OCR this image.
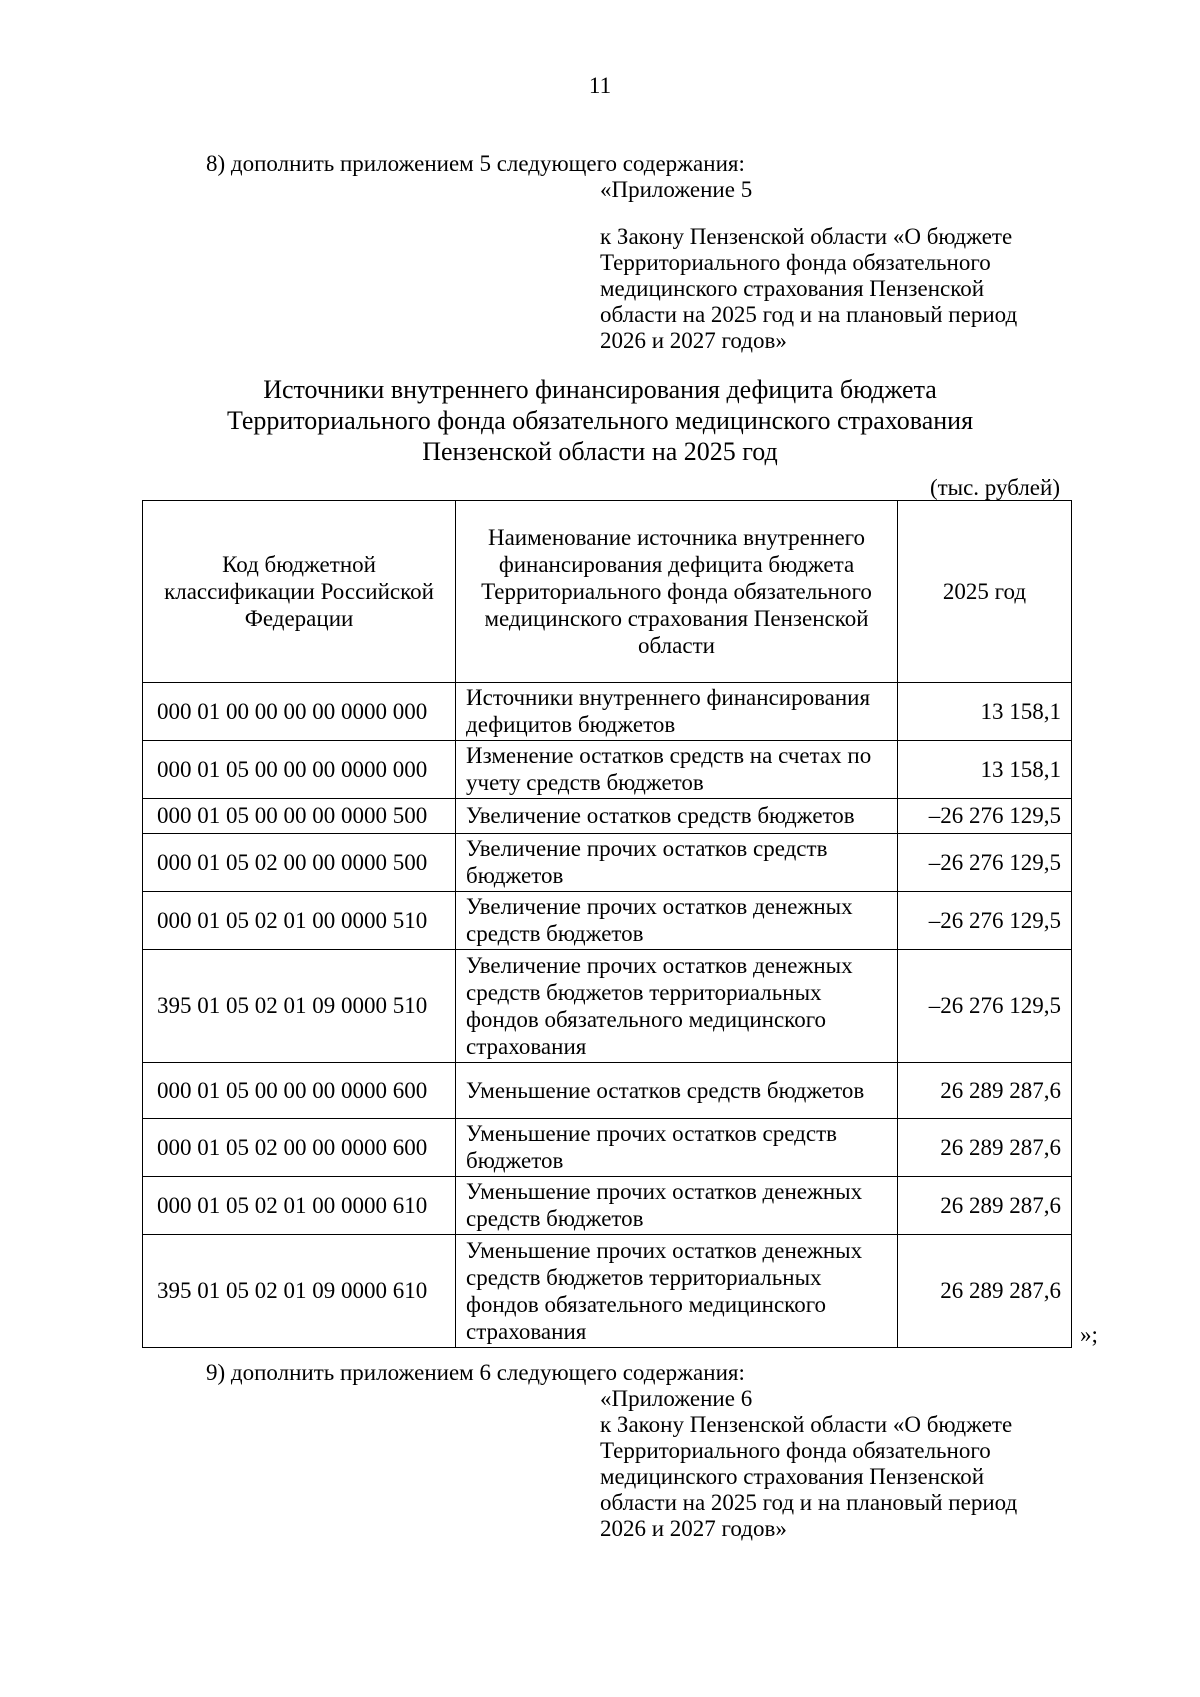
11
8) дополнить приложением 5 следующего содержания:
«Приложение 5
к Закону Пензенской области «О бюджете
Территориального фонда обязательного
медицинского страхования Пензенской
области на 2025 год и на плановый период
2026 и 2027 годов»
Источники внутреннего финансирования дефицита бюджета
Территориального фонда обязательного медицинского страхования
Пензенской области на 2025 год
(тыс. рублей)
Код бюджетной классификации Российской Федерации	Наименование источника внутреннего финансирования дефицита бюджета Территориального фонда обязательного медицинского страхования Пензенской области	2025 год
000 01 00 00 00 00 0000 000	Источники внутреннего финансирования дефицитов бюджетов	13 158,1
000 01 05 00 00 00 0000 000	Изменение остатков средств на счетах по учету средств бюджетов	13 158,1
000 01 05 00 00 00 0000 500	Увеличение остатков средств бюджетов	–26 276 129,5
000 01 05 02 00 00 0000 500	Увеличение прочих остатков средств бюджетов	–26 276 129,5
000 01 05 02 01 00 0000 510	Увеличение прочих остатков денежных средств бюджетов	–26 276 129,5
395 01 05 02 01 09 0000 510	Увеличение прочих остатков денежных средств бюджетов территориальных фондов обязательного медицинского страхования	–26 276 129,5
000 01 05 00 00 00 0000 600	Уменьшение остатков средств бюджетов	26 289 287,6
000 01 05 02 00 00 0000 600	Уменьшение прочих остатков средств бюджетов	26 289 287,6
000 01 05 02 01 00 0000 610	Уменьшение прочих остатков денежных средств бюджетов	26 289 287,6
395 01 05 02 01 09 0000 610	Уменьшение прочих остатков денежных средств бюджетов территориальных фондов обязательного медицинского страхования	26 289 287,6
»;
9) дополнить приложением 6 следующего содержания:
«Приложение 6
к Закону Пензенской области «О бюджете
Территориального фонда обязательного
медицинского страхования Пензенской
области на 2025 год и на плановый период
2026 и 2027 годов»
